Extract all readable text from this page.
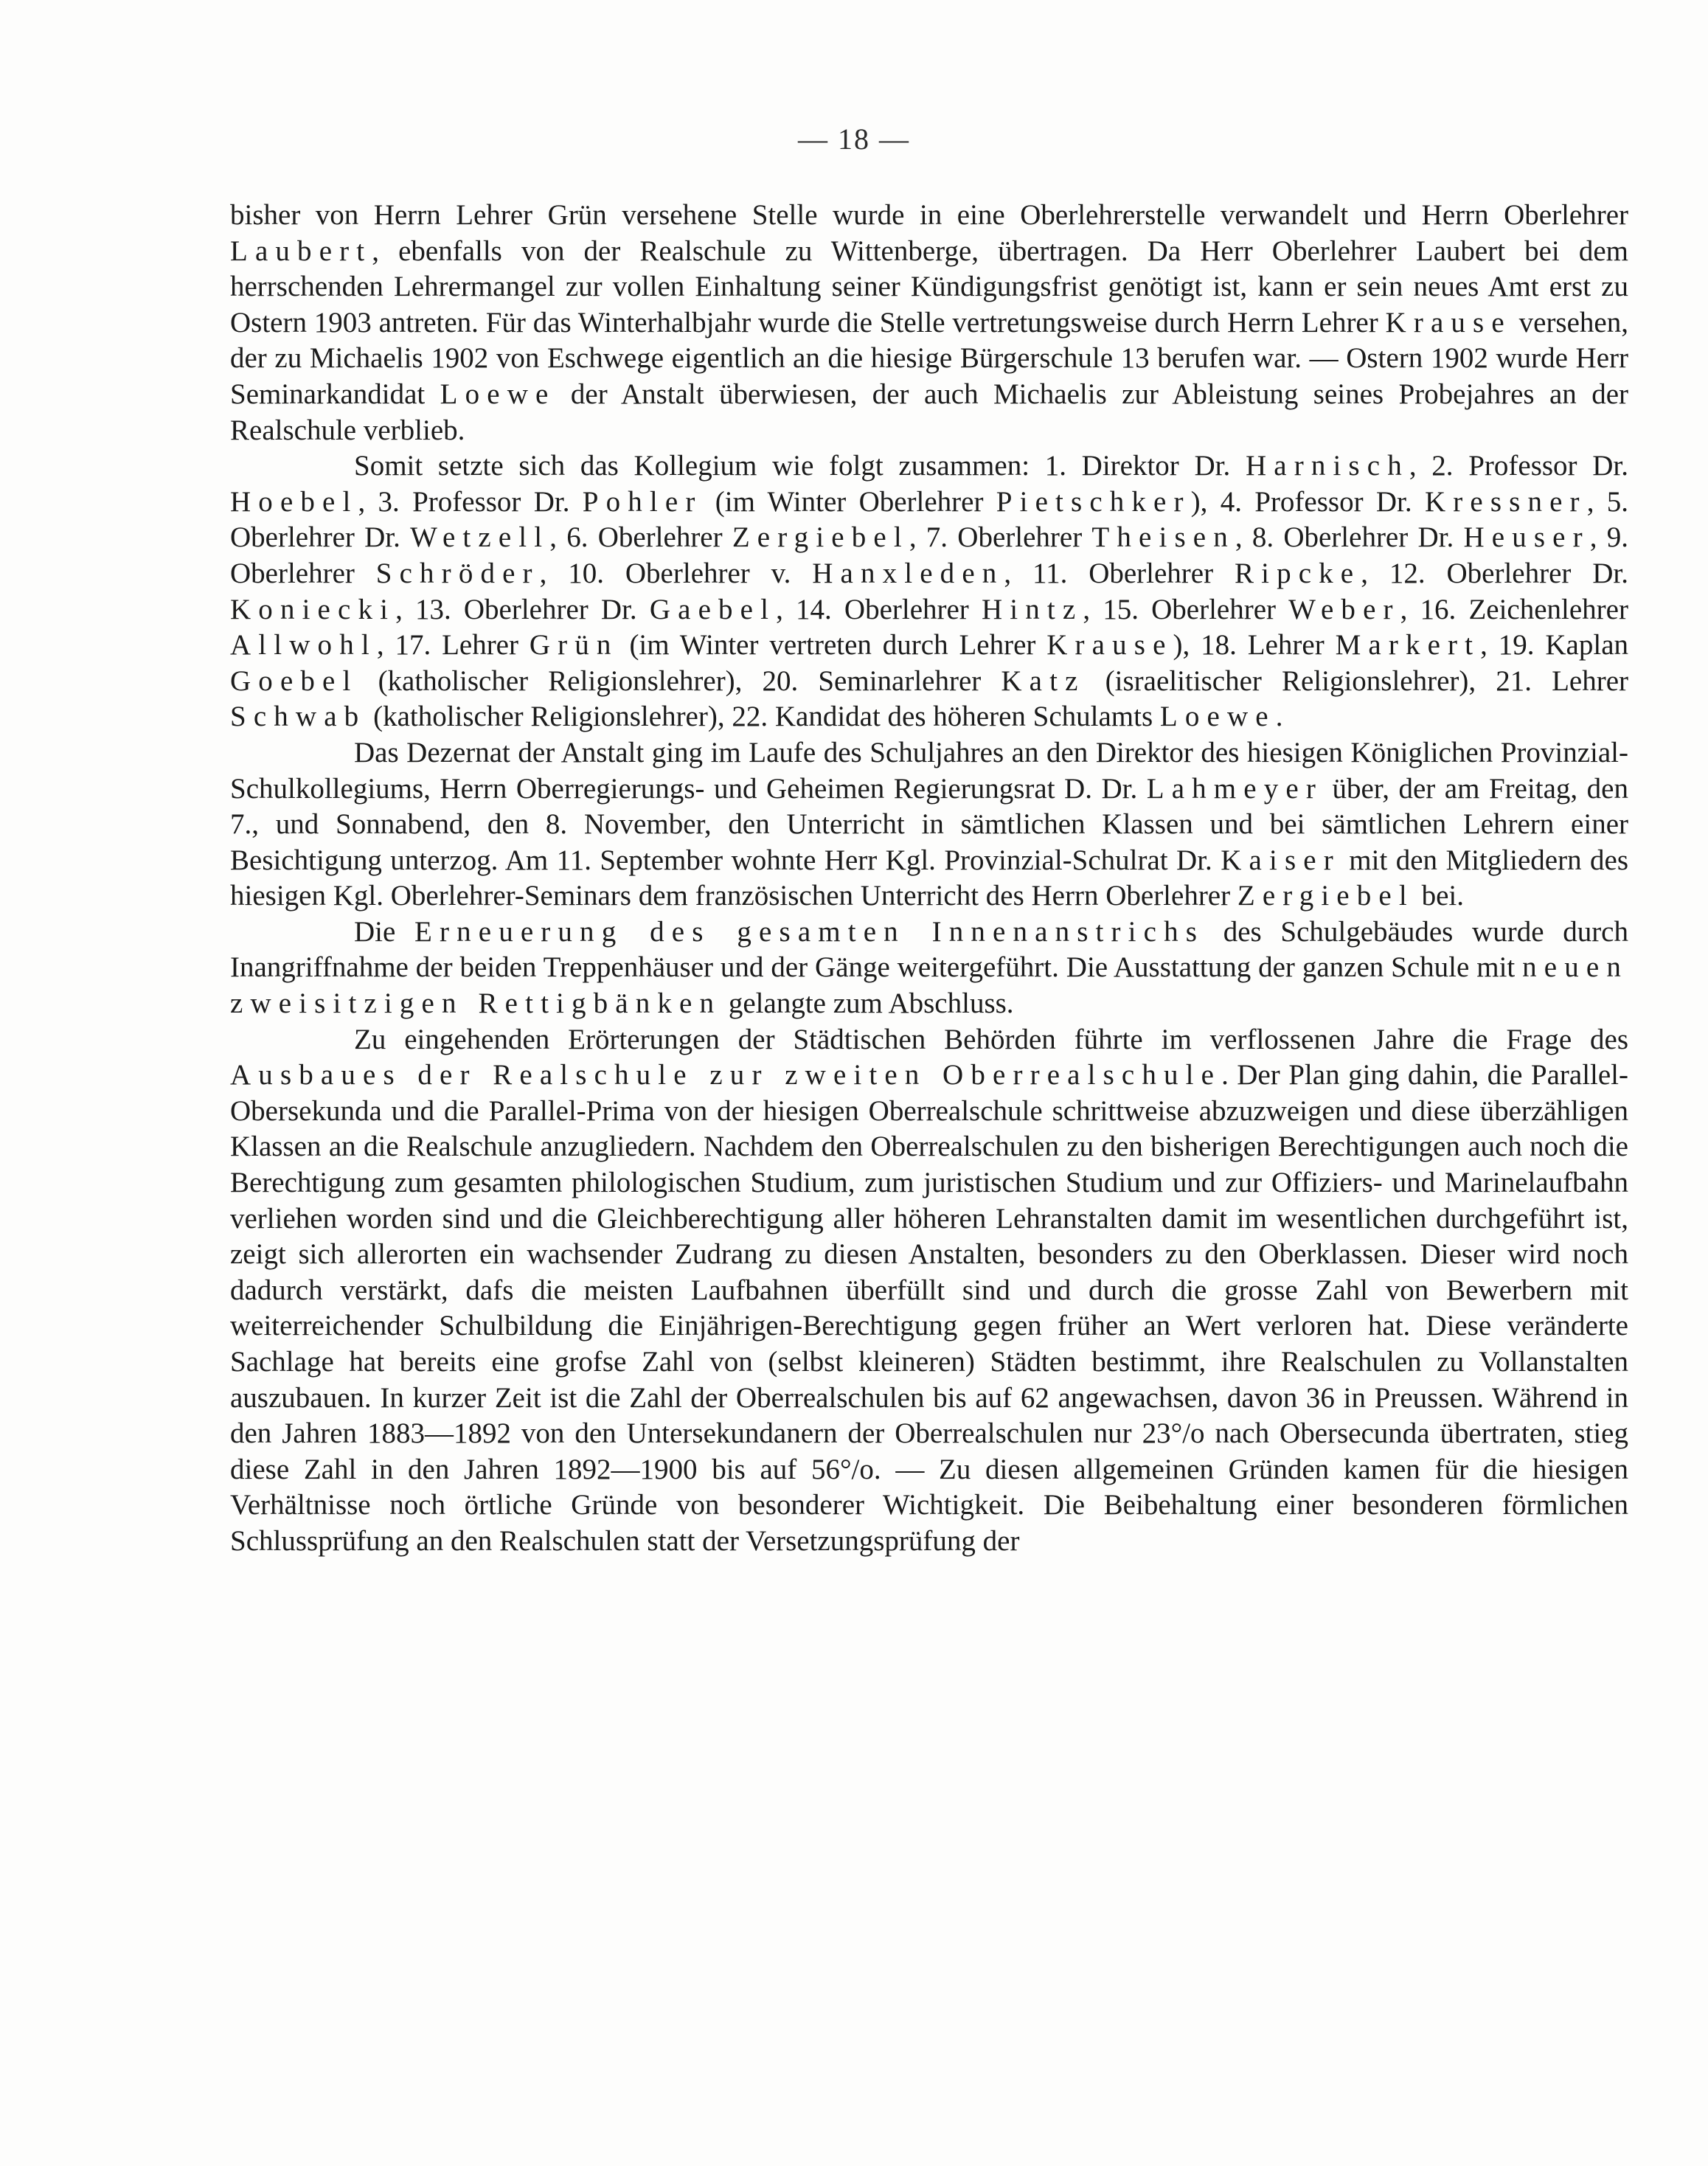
— 18 —

bisher von Herrn Lehrer Grün versehene Stelle wurde in eine Oberlehrerstelle verwandelt und Herrn Oberlehrer Laubert, ebenfalls von der Realschule zu Wittenberge, übertragen. Da Herr Oberlehrer Laubert bei dem herrschenden Lehrermangel zur vollen Einhaltung seiner Kündigungsfrist genötigt ist, kann er sein neues Amt erst zu Ostern 1903 antreten. Für das Winterhalbjahr wurde die Stelle vertretungsweise durch Herrn Lehrer Krause versehen, der zu Michaelis 1902 von Eschwege eigentlich an die hiesige Bürgerschule 13 berufen war. — Ostern 1902 wurde Herr Seminarkandidat Loewe der Anstalt überwiesen, der auch Michaelis zur Ableistung seines Probejahres an der Realschule verblieb.

Somit setzte sich das Kollegium wie folgt zusammen: 1. Direktor Dr. Harnisch, 2. Professor Dr. Hoebel, 3. Professor Dr. Pohler (im Winter Oberlehrer Pietschker), 4. Professor Dr. Kressner, 5. Oberlehrer Dr. Wetzell, 6. Oberlehrer Zergiebel, 7. Oberlehrer Theisen, 8. Oberlehrer Dr. Heuser, 9. Oberlehrer Schröder, 10. Oberlehrer v. Hanxleden, 11. Oberlehrer Ripcke, 12. Oberlehrer Dr. Koniecki, 13. Oberlehrer Dr. Gaebel, 14. Oberlehrer Hintz, 15. Oberlehrer Weber, 16. Zeichenlehrer Allwohl, 17. Lehrer Grün (im Winter vertreten durch Lehrer Krause), 18. Lehrer Markert, 19. Kaplan Goebel (katholischer Religionslehrer), 20. Seminarlehrer Katz (israelitischer Religionslehrer), 21. Lehrer Schwab (katholischer Religionslehrer), 22. Kandidat des höheren Schulamts Loewe.

Das Dezernat der Anstalt ging im Laufe des Schuljahres an den Direktor des hiesigen Königlichen Provinzial-Schulkollegiums, Herrn Oberregierungs- und Geheimen Regierungsrat D. Dr. Lahmeyer über, der am Freitag, den 7., und Sonnabend, den 8. November, den Unterricht in sämtlichen Klassen und bei sämtlichen Lehrern einer Besichtigung unterzog. Am 11. September wohnte Herr Kgl. Provinzial-Schulrat Dr. Kaiser mit den Mitgliedern des hiesigen Kgl. Oberlehrer-Seminars dem französischen Unterricht des Herrn Oberlehrer Zergiebel bei.

Die Erneuerung des gesamten Innenanstrichs des Schulgebäudes wurde durch Inangriffnahme der beiden Treppenhäuser und der Gänge weitergeführt. Die Ausstattung der ganzen Schule mit neuen zweisitzigen Rettigbänken gelangte zum Abschluss.

Zu eingehenden Erörterungen der Städtischen Behörden führte im verflossenen Jahre die Frage des Ausbaues der Realschule zur zweiten Oberrealschule. Der Plan ging dahin, die Parallel-Obersekunda und die Parallel-Prima von der hiesigen Oberrealschule schrittweise abzuzweigen und diese überzähligen Klassen an die Realschule anzugliedern. Nachdem den Oberrealschulen zu den bisherigen Berechtigungen auch noch die Berechtigung zum gesamten philologischen Studium, zum juristischen Studium und zur Offiziers- und Marinelaufbahn verliehen worden sind und die Gleichberechtigung aller höheren Lehranstalten damit im wesentlichen durchgeführt ist, zeigt sich allerorten ein wachsender Zudrang zu diesen Anstalten, besonders zu den Oberklassen. Dieser wird noch dadurch verstärkt, dafs die meisten Laufbahnen überfüllt sind und durch die grosse Zahl von Bewerbern mit weiterreichender Schulbildung die Einjährigen-Berechtigung gegen früher an Wert verloren hat. Diese veränderte Sachlage hat bereits eine grofse Zahl von (selbst kleineren) Städten bestimmt, ihre Realschulen zu Vollanstalten auszubauen. In kurzer Zeit ist die Zahl der Oberrealschulen bis auf 62 angewachsen, davon 36 in Preussen. Während in den Jahren 1883—1892 von den Untersekundanern der Oberrealschulen nur 23°/o nach Obersecunda übertraten, stieg diese Zahl in den Jahren 1892—1900 bis auf 56°/o. — Zu diesen allgemeinen Gründen kamen für die hiesigen Verhältnisse noch örtliche Gründe von besonderer Wichtigkeit. Die Beibehaltung einer besonderen förmlichen Schlussprüfung an den Realschulen statt der Versetzungsprüfung der
